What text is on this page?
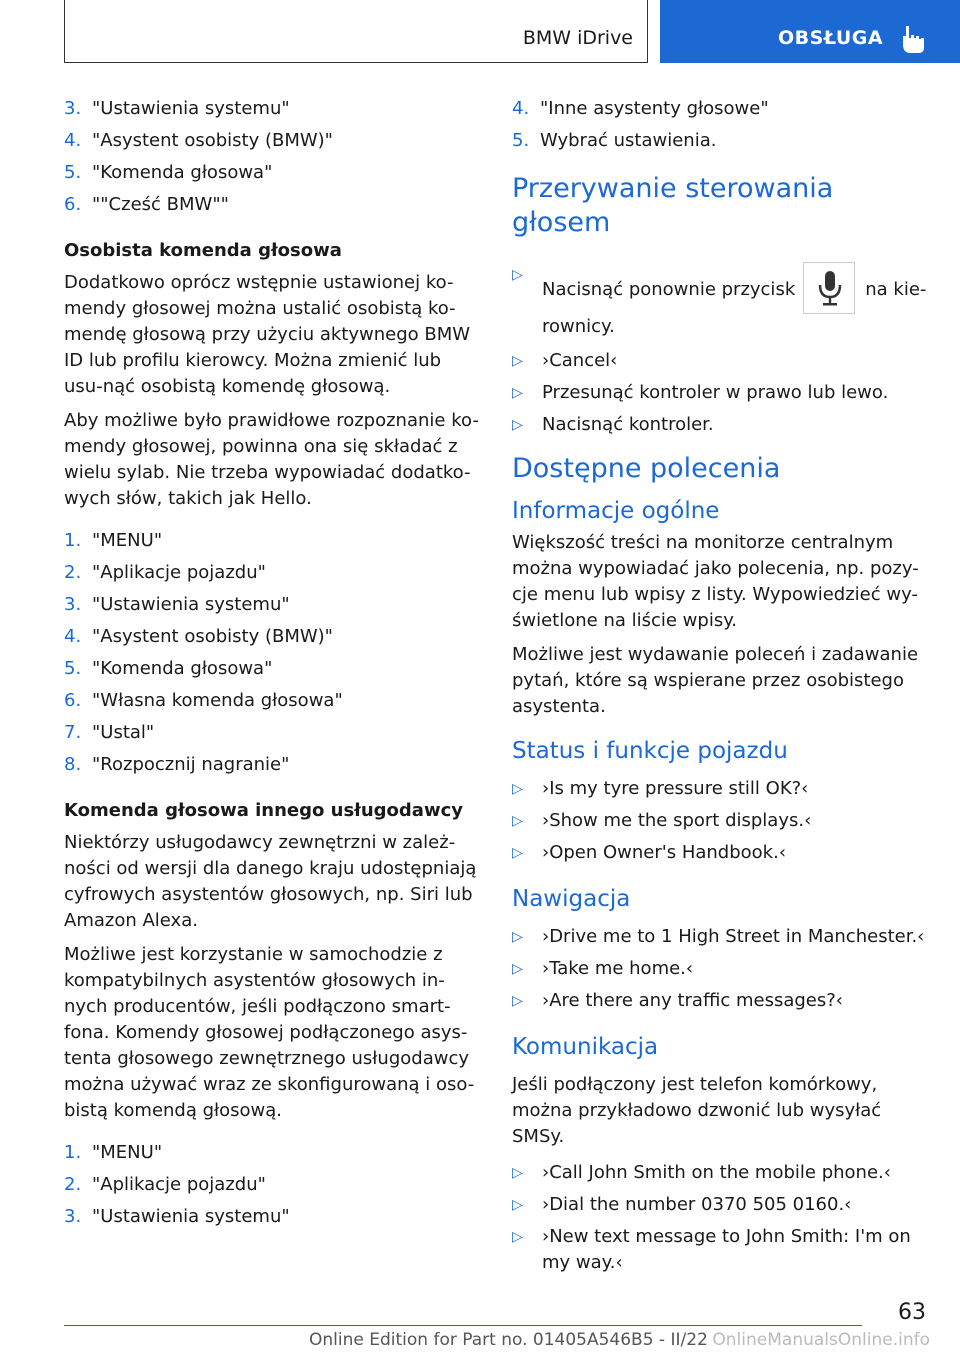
BMW iDrive	OBSŁUGA
3. "Ustawienia systemu"
4. "Asystent osobisty (BMW)"
5. "Komenda głosowa"
6. ""Cześć BMW""

Osobista komenda głosowa

Dodatkowo oprócz wstępnie ustawionej ko-mendy głosowej można ustalić osobistą ko-mendę głosową przy użyciu aktywnego BMW ID lub profilu kierowcy. Można zmienić lub usu-nąć osobistą komendę głosową.

Aby możliwe było prawidłowe rozpoznanie ko-mendy głosowej, powinna ona się składać z wielu sylab. Nie trzeba wypowiadać dodatko-wych słów, takich jak Hello.

1. "MENU"
2. "Aplikacje pojazdu"
3. "Ustawienia systemu"
4. "Asystent osobisty (BMW)"
5. "Komenda głosowa"
6. "Własna komenda głosowa"
7. "Ustal"
8. "Rozpocznij nagranie"

Komenda głosowa innego usługodawcy

Niektórzy usługodawcy zewnętrzni w zależ-ności od wersji dla danego kraju udostępniają cyfrowych asystentów głosowych, np. Siri lub Amazon Alexa.

Możliwe jest korzystanie w samochodzie z kompatybilnych asystentów głosowych in-nych producentów, jeśli podłączono smart-fona. Komendy głosowej podłączonego asys-tenta głosowego zewnętrznego usługodawcy można używać wraz ze skonfigurowaną i oso-bistą komendą głosową.

1. "MENU"
2. "Aplikacje pojazdu"
3. "Ustawienia systemu"
4. "Inne asystenty głosowe"
5. Wybrać ustawienia.
Przerywanie sterowania głosem
▷
Nacisnąć ponownie przycisk	na kie-rownicy.
▷ ›Cancel‹
▷ Przesunąć kontroler w prawo lub lewo.
▷ Nacisnąć kontroler.
Dostępne polecenia
Informacje ogólne

Większość treści na monitorze centralnym można wypowiadać jako polecenia, np. pozy-cje menu lub wpisy z listy. Wypowiedzieć wy-świetlone na liście wpisy.

Możliwe jest wydawanie poleceń i zadawanie pytań, które są wspierane przez osobistego asystenta.

Status i funkcje pojazdu
▷ ›Is my tyre pressure still OK?‹
▷ ›Show me the sport displays.‹
▷ ›Open Owner's Handbook.‹
Nawigacja
▷ ›Drive me to 1 High Street in Manchester.‹
▷ ›Take me home.‹
▷ ›Are there any traffic messages?‹
Komunikacja

Jeśli podłączony jest telefon komórkowy, można przykładowo dzwonić lub wysyłać SMSy.

▷ ›Call John Smith on the mobile phone.‹
▷ ›Dial the number 0370 505 0160.‹
▷ ›New text message to John Smith: I'm on my way.‹
63
Online Edition for Part no. 01405A546B5 - II/22 OnlineManualsOnline.info
